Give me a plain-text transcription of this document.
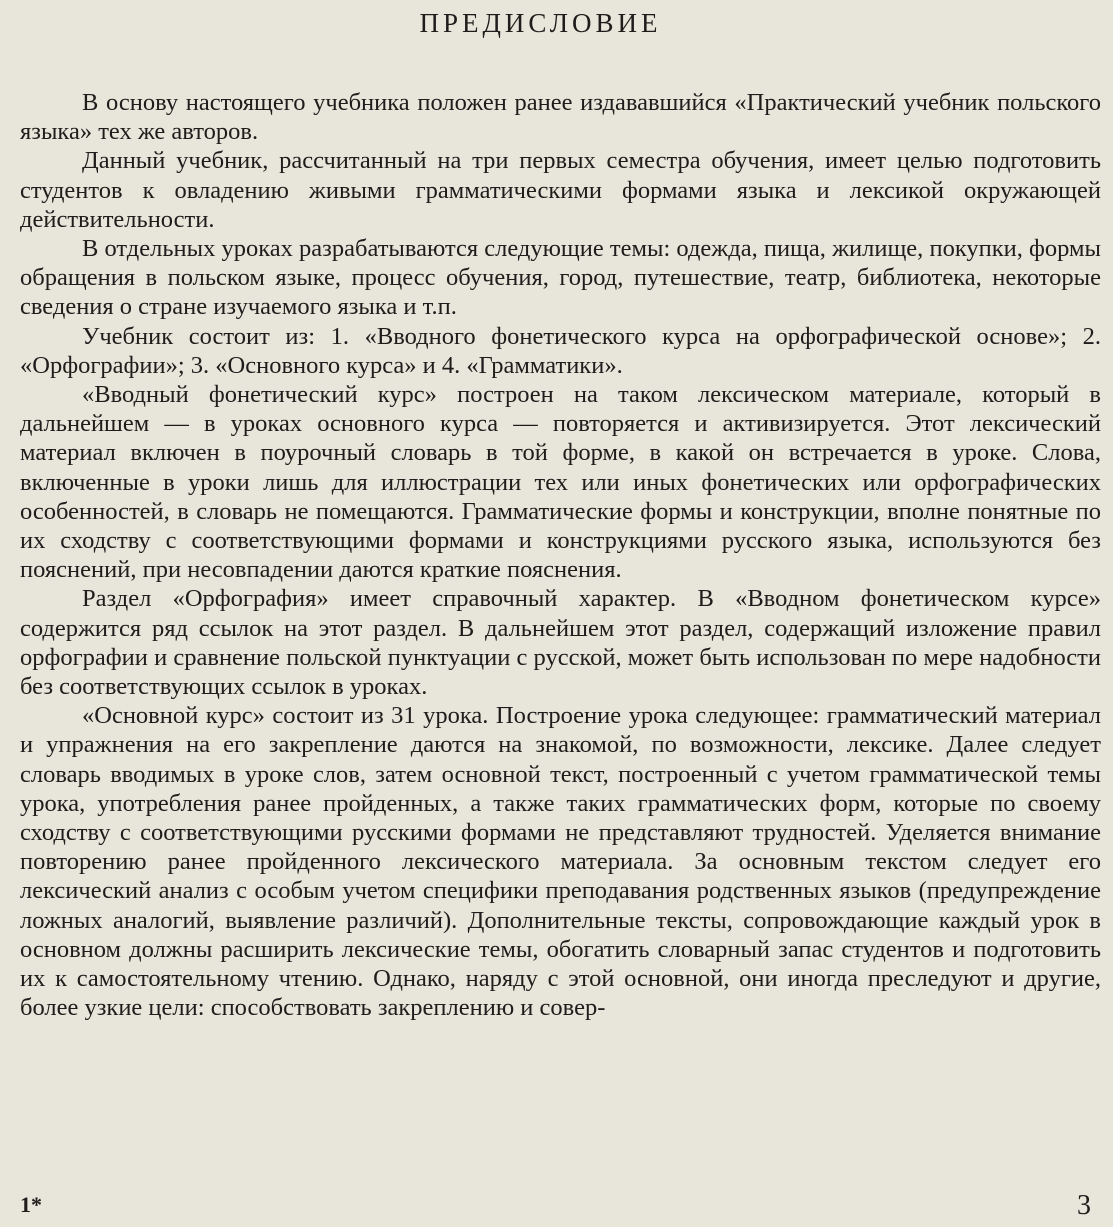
ПРЕДИСЛОВИЕ

В основу настоящего учебника положен ранее издававшийся «Практический учебник польского языка» тех же авторов.

Данный учебник, рассчитанный на три первых семестра обучения, имеет целью подготовить студентов к овладению живыми грамматическими формами языка и лексикой окружающей действительности.

В отдельных уроках разрабатываются следующие темы: одежда, пища, жилище, покупки, формы обращения в польском языке, процесс обучения, город, путешествие, театр, библиотека, некоторые сведения о стране изучаемого языка и т.п.

Учебник состоит из: 1. «Вводного фонетического курса на орфографической основе»; 2. «Орфографии»; 3. «Основного курса» и 4. «Грамматики».

«Вводный фонетический курс» построен на таком лексическом материале, который в дальнейшем — в уроках основного курса — повторяется и активизируется. Этот лексический материал включен в поурочный словарь в той форме, в какой он встречается в уроке. Слова, включенные в уроки лишь для иллюстрации тех или иных фонетических или орфографических особенностей, в словарь не помещаются. Грамматические формы и конструкции, вполне понятные по их сходству с соответствующими формами и конструкциями русского языка, используются без пояснений, при несовпадении даются краткие пояснения.

Раздел «Орфография» имеет справочный характер. В «Вводном фонетическом курсе» содержится ряд ссылок на этот раздел. В дальнейшем этот раздел, содержащий изложение правил орфографии и сравнение польской пунктуации с русской, может быть использован по мере надобности без соответствующих ссылок в уроках.

«Основной курс» состоит из 31 урока. Построение урока следующее: грамматический материал и упражнения на его закрепление даются на знакомой, по возможности, лексике. Далее следует словарь вводимых в уроке слов, затем основной текст, построенный с учетом грамматической темы урока, употребления ранее пройденных, а также таких грамматических форм, которые по своему сходству с соответствующими русскими формами не представляют трудностей. Уделяется внимание повторению ранее пройденного лексического материала. За основным текстом следует его лексический анализ с особым учетом специфики преподавания родственных языков (предупреждение ложных аналогий, выявление различий). Дополнительные тексты, сопровождающие каждый урок в основном должны расширить лексические темы, обогатить словарный запас студентов и подготовить их к самостоятельному чтению. Однако, наряду с этой основной, они иногда преследуют и другие, более узкие цели: способствовать закреплению и совер-

1*	3
